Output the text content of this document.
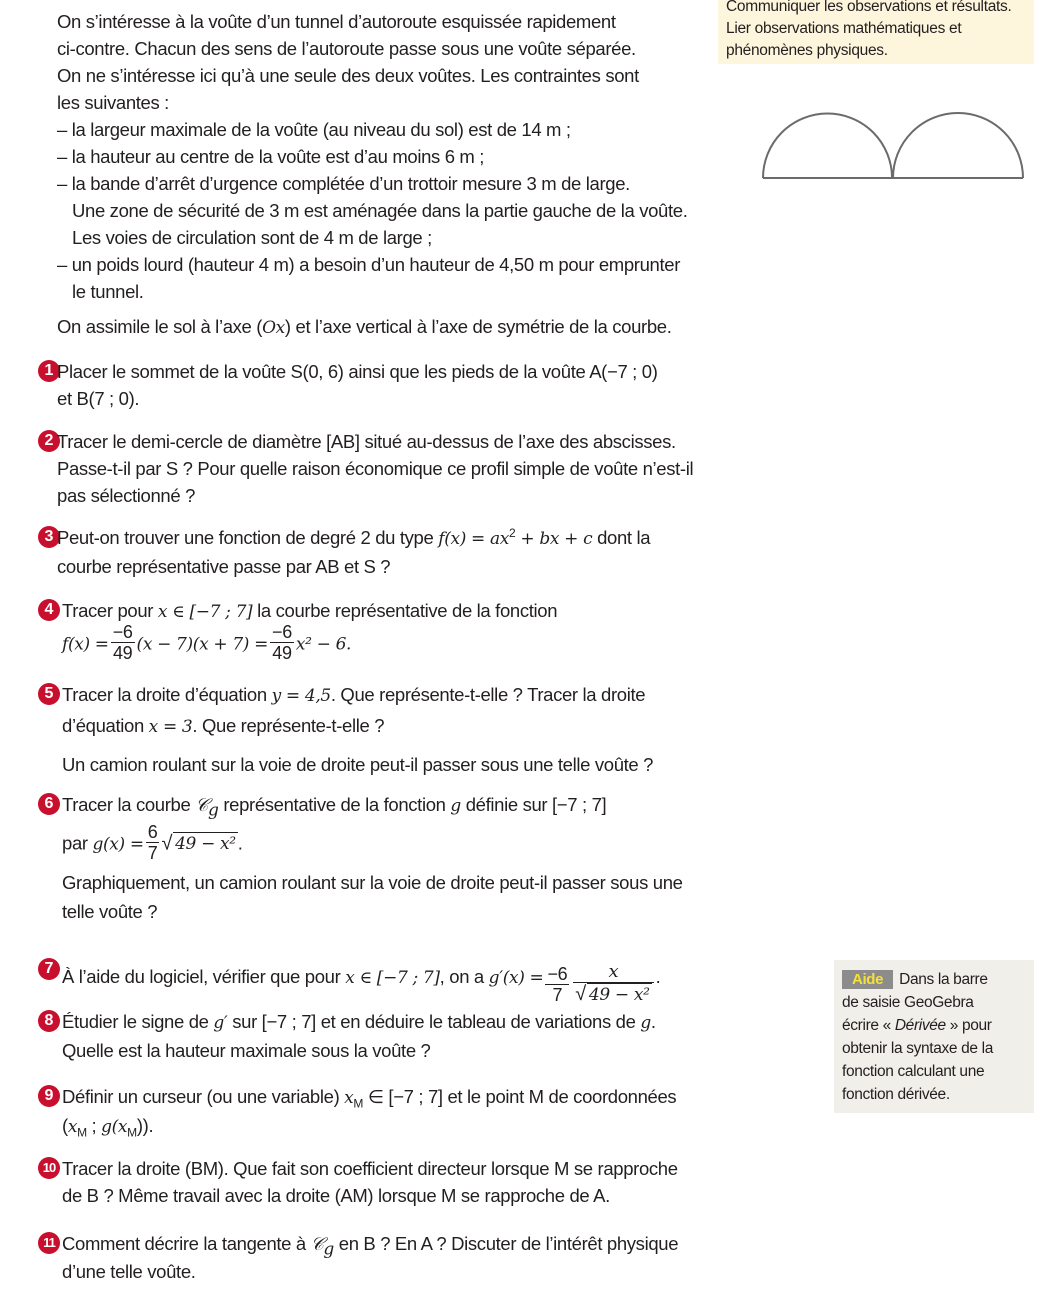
Communiquer les observations et résultats.
Lier observations mathématiques et
phénomènes physiques.
On s’intéresse à la voûte d’un tunnel d’autoroute esquissée rapidement
ci-contre. Chacun des sens de l’autoroute passe sous une voûte séparée.
On ne s’intéresse ici qu’à une seule des deux voûtes. Les contraintes sont
les suivantes :
– la largeur maximale de la voûte (au niveau du sol) est de 14 m ;
– la hauteur au centre de la voûte est d’au moins 6 m ;
– la bande d’arrêt d’urgence complétée d’un trottoir mesure 3 m de large.
Une zone de sécurité de 3 m est aménagée dans la partie gauche de la voûte.
Les voies de circulation sont de 4 m de large ;
– un poids lourd (hauteur 4 m) a besoin d’un hauteur de 4,50 m pour emprunter
le tunnel.
On assimile le sol à l’axe (Ox) et l’axe vertical à l’axe de symétrie de la courbe.
1 Placer le sommet de la voûte S(0, 6) ainsi que les pieds de la voûte A(−7 ; 0)
et B(7 ; 0).
2 Tracer le demi-cercle de diamètre [AB] situé au-dessus de l’axe des abscisses.
Passe-t-il par S ? Pour quelle raison économique ce profil simple de voûte n’est-il
pas sélectionné ?
3 Peut-on trouver une fonction de degré 2 du type $f(x) = ax^2$ + bx + c dont la
courbe représentative passe par AB et S ?
4 Tracer pour x ∈ [−7 ; 7] la courbe représentative de la fonction
$f(x) = \frac{-6}{49} (x - 7)(x + 7) = \frac{-6}{49} x^2 - 6$.
5 Tracer la droite d’équation y = 4,5. Que représente-t-elle ? Tracer la droite
d’équation x = 3. Que représente-t-elle ?
Un camion roulant sur la voie de droite peut-il passer sous une telle voûte ?
6 Tracer la courbe 𝒞$_g$ représentative de la fonction g définie sur [−7 ; 7]
par $g(x) = \frac{6}{7}$ √ 49 − x² .
Graphiquement, un camion roulant sur la voie de droite peut-il passer sous une
telle voûte ?
7 À l’aide du logiciel, vérifier que pour x ∈ [−7 ; 7], on a $g'(x) = \frac{-6}{7} \frac{x}{\text{√ 49 − x²}}$ .
8 Étudier le signe de g′ sur [−7 ; 7] et en déduire le tableau de variations de g.
Quelle est la hauteur maximale sous la voûte ?
9 Définir un curseur (ou une variable) $x_M$ ∈ [−7 ; 7] et le point M de coordonnées
($x_M$ ; $g(x_M)$).
10 Tracer la droite (BM). Que fait son coefficient directeur lorsque M se rapproche
de B ? Même travail avec la droite (AM) lorsque M se rapproche de A.
11 Comment décrire la tangente à 𝒞$_g$ en B ? En A ? Discuter de l’intérêt physique
d’une telle voûte.
Aide Dans la barre
de saisie GeoGebra
écrire « Dérivée » pour
obtenir la syntaxe de la
fonction calculant une
fonction dérivée.
